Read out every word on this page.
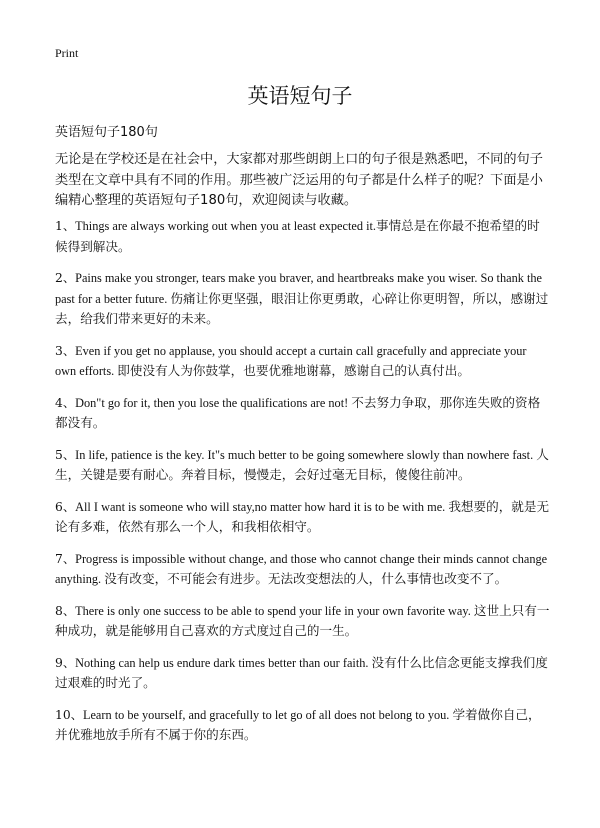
Print
英语短句子
英语短句子180句

无论是在学校还是在社会中，大家都对那些朗朗上口的句子很是熟悉吧，不同的句子类型在文章中具有不同的作用。那些被广泛运用的句子都是什么样子的呢？下面是小编精心整理的英语短句子180句，欢迎阅读与收藏。

1、Things are always working out when you at least expected it.事情总是在你最不抱希望的时候得到解决。
2、Pains make you stronger, tears make you braver, and heartbreaks make you wiser. So thank the past for a better future. 伤痛让你更坚强，眼泪让你更勇敢，心碎让你更明智，所以，感谢过去，给我们带来更好的未来。
3、Even if you get no applause, you should accept a curtain call gracefully and appreciate your own efforts. 即使没有人为你鼓掌，也要优雅地谢幕，感谢自己的认真付出。
4、Don"t go for it, then you lose the qualifications are not! 不去努力争取，那你连失败的资格都没有。
5、In life, patience is the key. It"s much better to be going somewhere slowly than nowhere fast. 人生，关键是要有耐心。奔着目标，慢慢走，会好过毫无目标，傻傻往前冲。
6、All I want is someone who will stay,no matter how hard it is to be with me. 我想要的，就是无论有多难，依然有那么一个人，和我相依相守。
7、Progress is impossible without change, and those who cannot change their minds cannot change anything. 没有改变，不可能会有进步。无法改变想法的人，什么事情也改变不了。
8、There is only one success to be able to spend your life in your own favorite way. 这世上只有一种成功，就是能够用自己喜欢的方式度过自己的一生。
9、Nothing can help us endure dark times better than our faith. 没有什么比信念更能支撑我们度过艰难的时光了。
10、Learn to be yourself, and gracefully to let go of all does not belong to you. 学着做你自己，并优雅地放手所有不属于你的东西。
